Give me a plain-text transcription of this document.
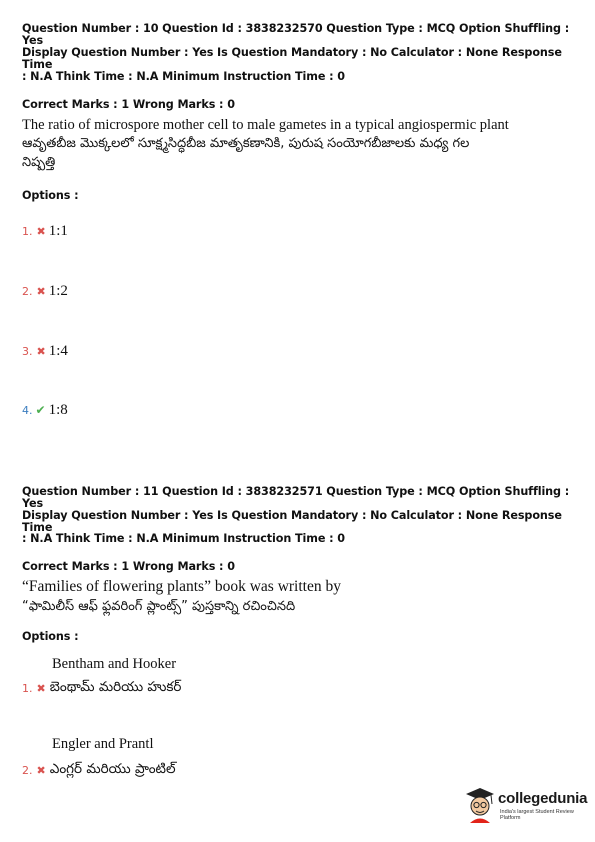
Question Number : 10 Question Id : 3838232570 Question Type : MCQ Option Shuffling : Yes
Display Question Number : Yes Is Question Mandatory : No Calculator : None Response Time
: N.A Think Time : N.A Minimum Instruction Time : 0
Correct Marks : 1 Wrong Marks : 0
The ratio of microspore mother cell to male gametes in a typical angiospermic plant
ఆవృతబీజ మొక్కలలో సూక్ష్మసిద్ధబీజ మాతృకణానికి, పురుష సంయోగబీజాలకు మధ్య గల
నిష్పత్తి
Options :
1. ✖ 1:1
2. ✖ 1:2
3. ✖ 1:4
4. ✔ 1:8
Question Number : 11 Question Id : 3838232571 Question Type : MCQ Option Shuffling : Yes
Display Question Number : Yes Is Question Mandatory : No Calculator : None Response Time
: N.A Think Time : N.A Minimum Instruction Time : 0
Correct Marks : 1 Wrong Marks : 0
“Families of flowering plants” book was written by
“ఫామిలీస్ ఆఫ్ ఫ్లవరింగ్ ప్లాంట్స్” పుస్తకాన్ని రచించినది
Options :
Bentham and Hooker
1. ✖ బెంథామ్ మరియు హుకర్
Engler and Prantl
2. ✖ ఎంగ్లర్ మరియు ప్రాంటిల్
collegedunia
India's largest Student Review Platform
